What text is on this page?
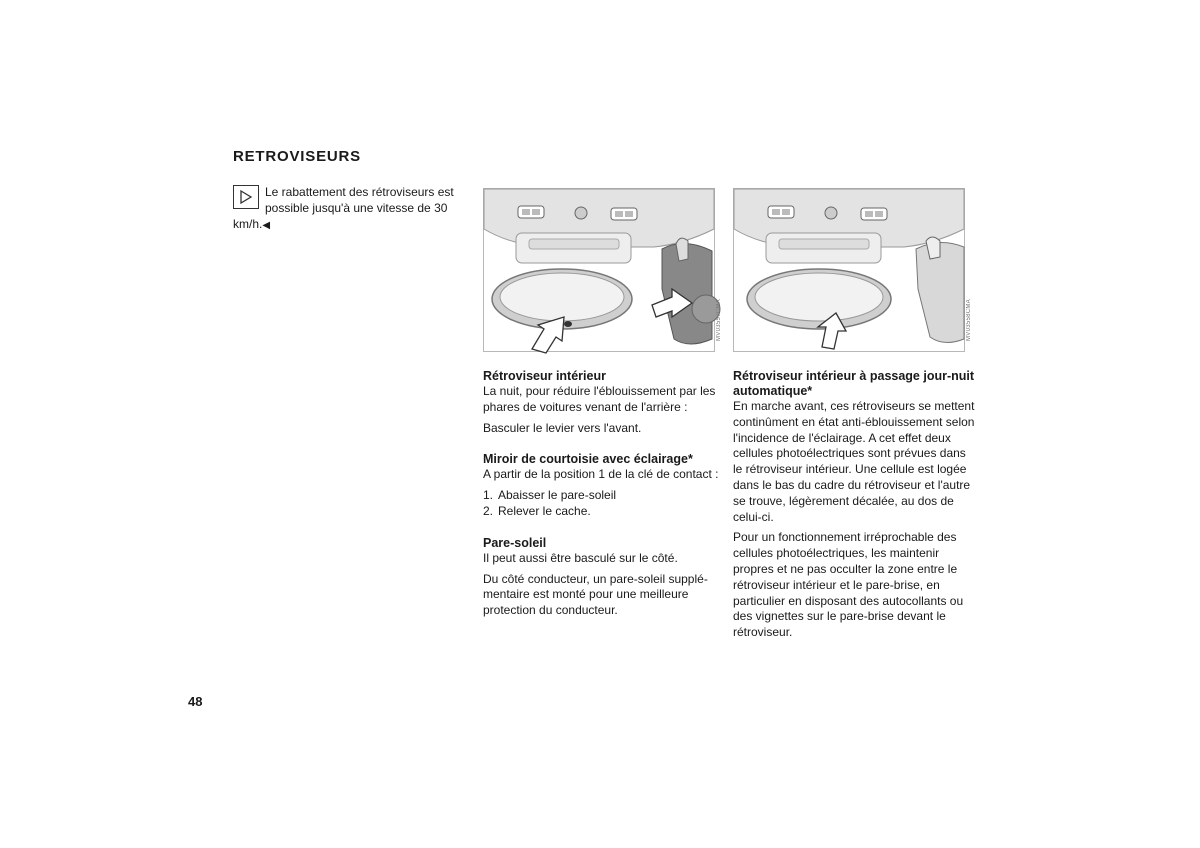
RETROVISEURS
Le rabattement des rétroviseurs est possible jusqu'à une vitesse de 30 km/h.◀
MV03557CMA	MV03558CMA
Rétroviseur intérieur

La nuit, pour réduire l'éblouissement par les phares de voitures venant de l'arrière :

Basculer le levier vers l'avant.

Miroir de courtoisie avec éclairage*

A partir de la position 1 de la clé de contact :

1. Abaisser le pare-soleil
2. Relever le cache.
Pare-soleil

Il peut aussi être basculé sur le côté.

Du côté conducteur, un pare-soleil supplémentaire est monté pour une meilleure protection du conducteur.

Rétroviseur intérieur à passage jour-nuit automatique*

En marche avant, ces rétroviseurs se mettent continûment en état anti-éblouissement selon l'incidence de l'éclairage. A cet effet deux cellules photoélectriques sont prévues dans le rétroviseur intérieur. Une cellule est logée dans le bas du cadre du rétroviseur et l'autre se trouve, légèrement décalée, au dos de celui-ci.

Pour un fonctionnement irréprochable des cellules photoélectriques, les maintenir propres et ne pas occulter la zone entre le rétroviseur intérieur et le pare-brise, en particulier en disposant des autocollants ou des vignettes sur le pare-brise devant le rétroviseur.

48
